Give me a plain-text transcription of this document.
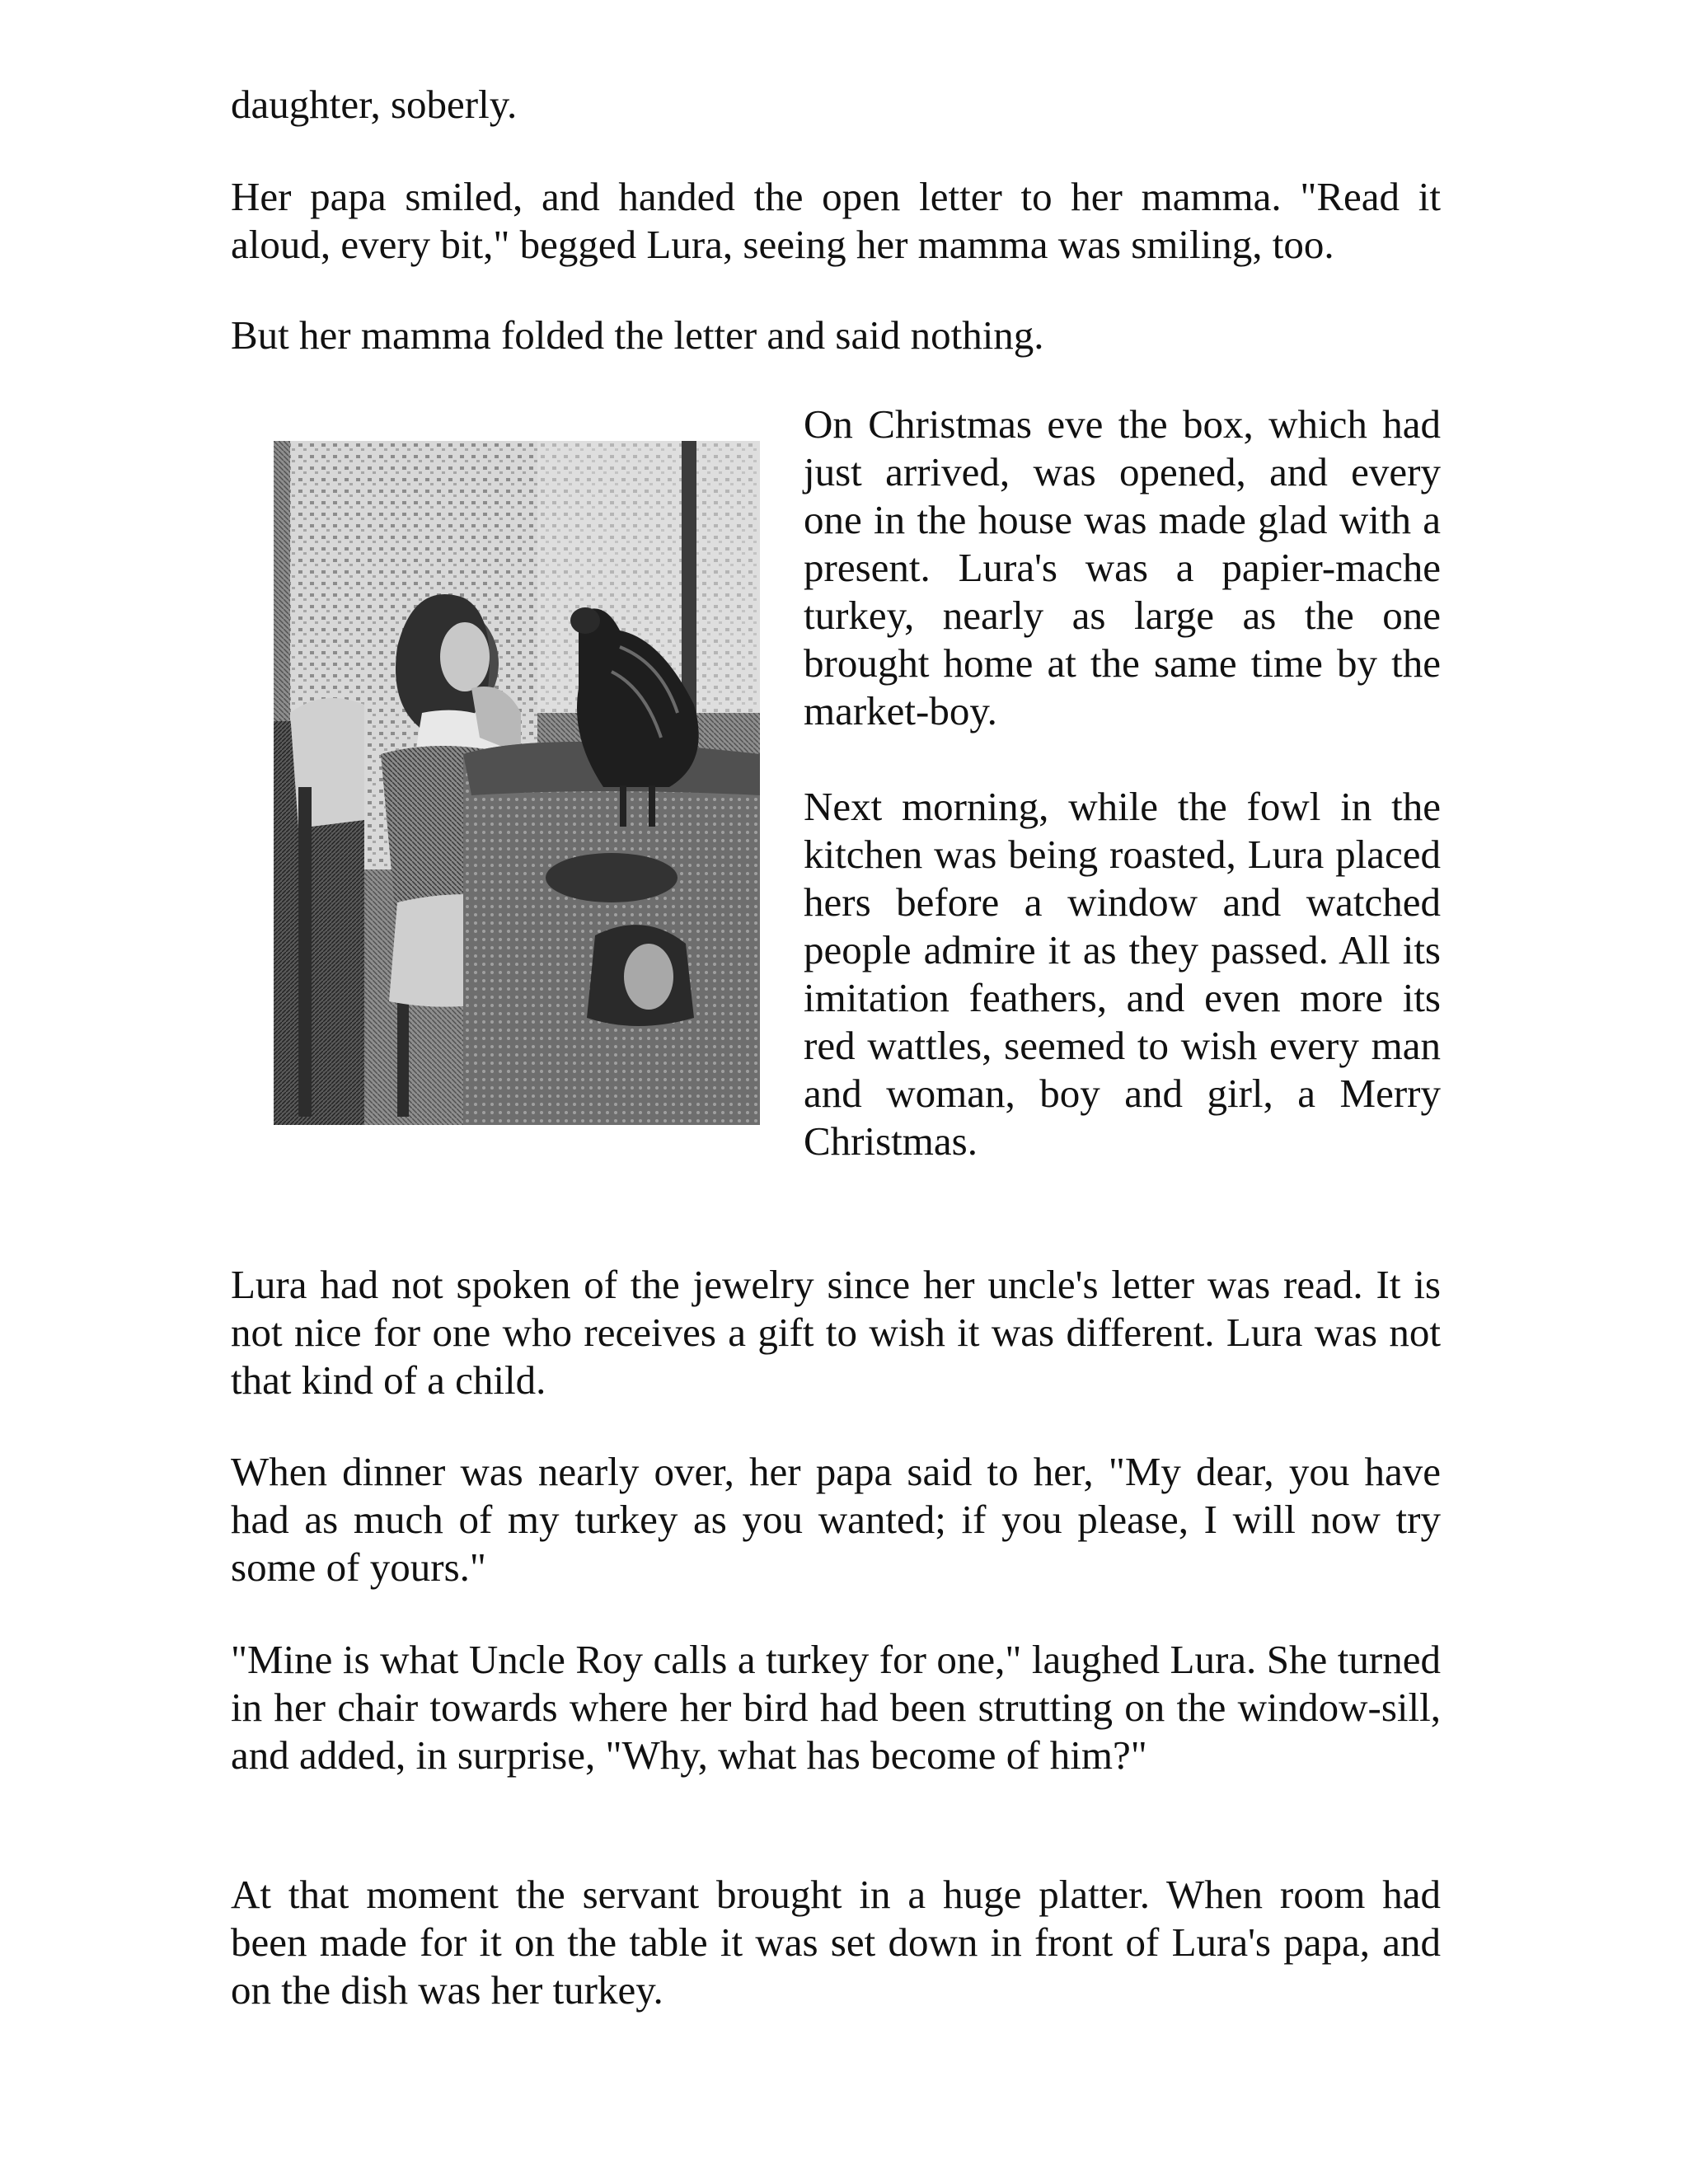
daughter, soberly.

Her papa smiled, and handed the open letter to her mamma. "Read it aloud, every bit," begged Lura, seeing her mamma was smiling, too.

But her mamma folded the letter and said nothing.

On Christmas eve the box, which had just arrived, was opened, and every one in the house was made glad with a present. Lura's was a papier-mache turkey, nearly as large as the one brought home at the same time by the market-boy.

Next morning, while the fowl in the kitchen was being roasted, Lura placed hers before a window and watched people admire it as they passed. All its imitation feathers, and even more its red wattles, seemed to wish every man and woman, boy and girl, a Merry Christmas.

Lura had not spoken of the jewelry since her uncle's letter was read. It is not nice for one who receives a gift to wish it was different. Lura was not that kind of a child.

When dinner was nearly over, her papa said to her, "My dear, you have had as much of my turkey as you wanted; if you please, I will now try some of yours."

"Mine is what Uncle Roy calls a turkey for one," laughed Lura. She turned in her chair towards where her bird had been strutting on the window-sill, and added, in surprise, "Why, what has become of him?"

At that moment the servant brought in a huge platter. When room had been made for it on the table it was set down in front of Lura's papa, and on the dish was her turkey.
